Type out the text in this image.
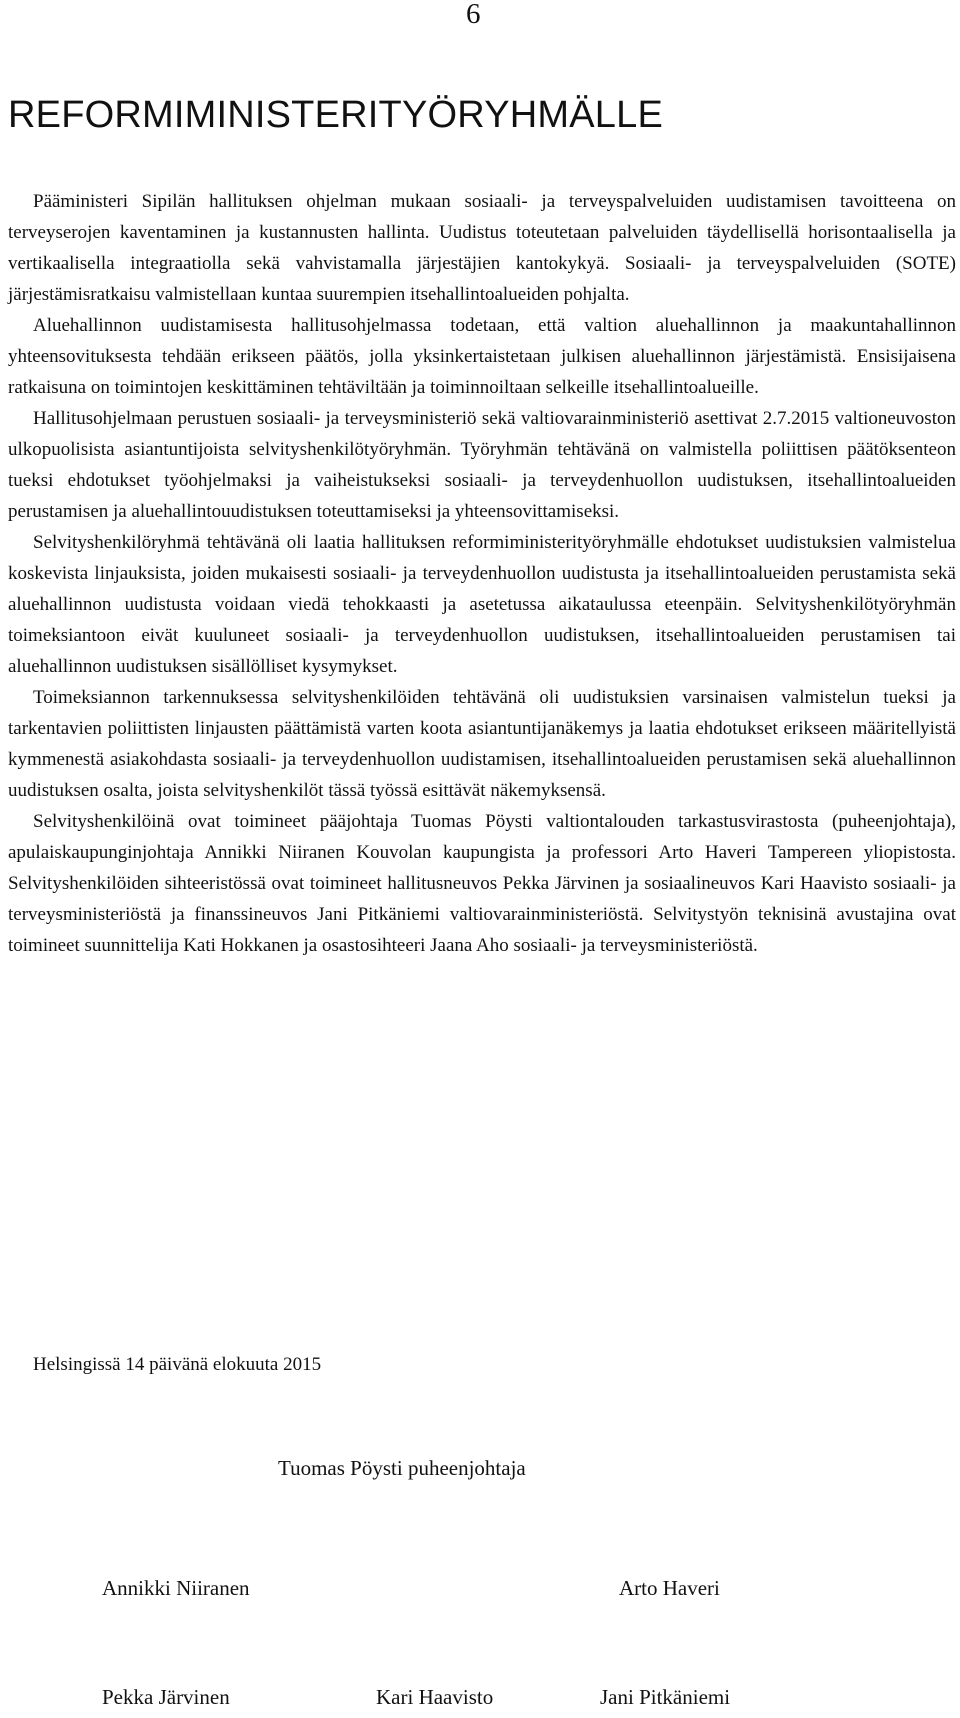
6
REFORMIMINISTERITYÖRYHMÄLLE

Pääministeri Sipilän hallituksen ohjelman mukaan sosiaali- ja terveyspalveluiden uudistamisen tavoitteena on terveyserojen kaventaminen ja kustannusten hallinta. Uudistus toteutetaan palveluiden täydellisellä horisontaalisella ja vertikaalisella integraatiolla sekä vahvistamalla järjestäjien kantokykyä. Sosiaali- ja terveyspalveluiden (SOTE) järjestämisratkaisu valmistellaan kuntaa suurempien itsehallintoalueiden pohjalta.

Aluehallinnon uudistamisesta hallitusohjelmassa todetaan, että valtion aluehallinnon ja maakuntahallinnon yhteensovituksesta tehdään erikseen päätös, jolla yksinkertaistetaan julkisen aluehallinnon järjestämistä. Ensisijaisena ratkaisuna on toimintojen keskittäminen tehtäviltään ja toiminnoiltaan selkeille itsehallintoalueille.

Hallitusohjelmaan perustuen sosiaali- ja terveysministeriö sekä valtiovarainministeriö asettivat 2.7.2015 valtioneuvoston ulkopuolisista asiantuntijoista selvityshenkilötyöryhmän. Työryhmän tehtävänä on valmistella poliittisen päätöksenteon tueksi ehdotukset työohjelmaksi ja vaiheistukseksi sosiaali- ja terveydenhuollon uudistuksen, itsehallintoalueiden perustamisen ja aluehallintouudistuksen toteuttamiseksi ja yhteensovittamiseksi.

Selvityshenkilöryhmä tehtävänä oli laatia hallituksen reformiministerityöryhmälle ehdotukset uudistuksien valmistelua koskevista linjauksista, joiden mukaisesti sosiaali- ja terveydenhuollon uudistusta ja itsehallintoalueiden perustamista sekä aluehallinnon uudistusta voidaan viedä tehokkaasti ja asetetussa aikataulussa eteenpäin. Selvityshenkilötyöryhmän toimeksiantoon eivät kuuluneet sosiaali- ja terveydenhuollon uudistuksen, itsehallintoalueiden perustamisen tai aluehallinnon uudistuksen sisällölliset kysymykset.

Toimeksiannon tarkennuksessa selvityshenkilöiden tehtävänä oli uudistuksien varsinaisen valmistelun tueksi ja tarkentavien poliittisten linjausten päättämistä varten koota asiantuntijanäkemys ja laatia ehdotukset erikseen määritellyistä kymmenestä asiakohdasta sosiaali- ja terveydenhuollon uudistamisen, itsehallintoalueiden perustamisen sekä aluehallinnon uudistuksen osalta, joista selvityshenkilöt tässä työssä esittävät näkemyksensä.

Selvityshenkilöinä ovat toimineet pääjohtaja Tuomas Pöysti valtiontalouden tarkastusvirastosta (puheenjohtaja), apulaiskaupunginjohtaja Annikki Niiranen Kouvolan kaupungista ja professori Arto Haveri Tampereen yliopistosta. Selvityshenkilöiden sihteeristössä ovat toimineet hallitusneuvos Pekka Järvinen ja sosiaalineuvos Kari Haavisto sosiaali- ja terveysministeriöstä ja finanssineuvos Jani Pitkäniemi valtiovarainministeriöstä. Selvitystyön teknisinä avustajina ovat toimineet suunnittelija Kati Hokkanen ja osastosihteeri Jaana Aho sosiaali- ja terveysministeriöstä.

Helsingissä 14 päivänä elokuuta 2015
Tuomas Pöysti puheenjohtaja
Annikki Niiranen	Arto Haveri
Pekka Järvinen	Kari Haavisto	Jani Pitkäniemi
